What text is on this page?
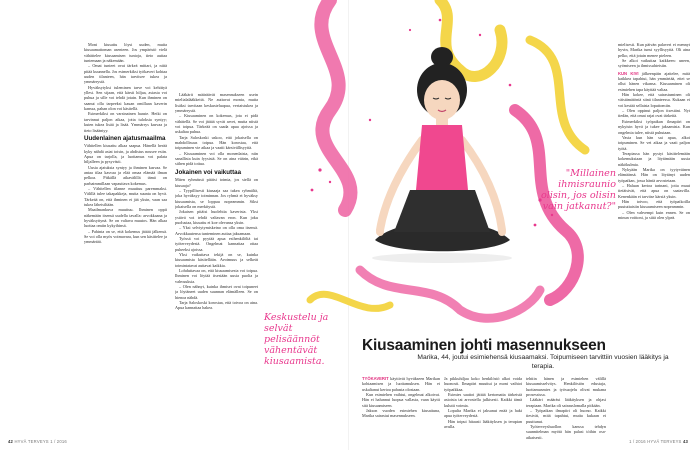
Moni kiusattu löysi uuden, muita kiusaamattoman asenteen. Jos ympäristö vielä vähättelee kiusaamisen tuntoja, tieto auttaa tuntemaan ja näkemään.

– Omat tunteet ovat tärkeä mittari, ja niitä pitää kuunnella. Jos esimerkiksi työkaveri kohtaa uuden tilanteen, hän tarvitsee tukea ja ymmärrystä.

Hyväksytyksi tuleminen tarve voi kehittyä yllesi. Sen sijaan, että kärsii hiljaa, asiasta voi puhua ja sille voi tehdä jotain. Kun ihminen on saanut olla tarpeeksi kauan omillaan kaverin kanssa, pahan olon voi käsitellä.

Esimerkiksi on varsinainen haaste. Hetki on tarvinnut paljon aikaa, jotta tuloksia syntyy; kuten tukea lisää ja lisää. Ymmärrys kasvaa ja tieto lisääntyy.

Uudenlainen ajatusmaailma

Vähitellen kiusattu alkaa saapua. Hänellä herää kyky nähdä asiat toisin, ja ahdistus nousee esiin. Apua on tarjolla, ja luottamus voi palata hiljalleen ja pysyvästi.

Uusia ajatuksia syntyy ja ihminen kasvaa. Se antaa tilaa kasvaa ja elää omaa elämää ilman pelkoa. Pitkällä aikavälillä tämä on parhaimmillaan vapauttava kokemus.

– Vähitellen tilanne muuttuu paremmaksi. Välillä tulee takapakkeja, mutta suunta on hyvä. Tärkeää on, että ihminen ei jää yksin, vaan saa tukea läheisiltään.

Maailmankuva muuttuu. Ihminen oppii näkemään itsensä uudella tavalla: arvokkaana ja hyväksyttynä. Se on valtava muutos. Hän alkaa luottaa omiin kykyihinsä.

– Pahinta on se, että kokemus jättää jälkensä. Se voi olla myös voimavara, kun sen käsittelee ja ymmärtää.

Lääkärit määräävät masennukseen usein mielialalääkkeitä. Ne auttavat monia, mutta lisäksi tarvitaan keskusteluapua, vertaistukea ja ymmärrystä.

– Kiusaaminen on kokemus, jota ei pidä vähätellä. Se voi jättää syvät arvet, mutta niistä voi toipua. Tärkeää on saada apua ajoissa ja uskaltaa puhua.

Tarja Saloskoski uskoo, että jokaisella on mahdollisuus toipua. Hän korostaa, että toipuminen vie aikaa ja vaatii kärsivällisyyttä.

– Kiusaaminen voi olla monenlaista, niin sanallista kuin fyysistä. Se on aina väärin, eikä siihen pidä tottua.

Jokainen voi vaikuttaa

Miten ryhmässä pitäisi toimia, jos siellä on kiusaaja?

– Tyypillisesti kiusaaja saa tukea ryhmältä, joka hyväksyy toiminnan. Jos ryhmä ei hyväksy kiusaamista, se loppuu nopeammin. Siksi jokaisella on merkitystä.

Jokaisen pitäisi huolehtia kaverista. Yksi ystävä voi tehdä valtavan eron. Kun joku puolustaa, kiusattu ei koe olevansa yksin.

– Yksi selviytymiskeino on olla oma itsensä. Arvokkuutensa tunteminen auttaa jaksamaan.

Työssä voi pyytää apua esihenkilöltä tai työterveydestä. Ongelmat kannattaa ottaa puheeksi ajoissa.

Yksi vaikuttava tekijä on se, kuinka kiusaamista käsitellään. Avoimuus ja selkeät toimintatavat auttavat kaikkia.

Lohduttavaa on, että kiusaamisesta voi toipua. Ihminen voi löytää itsestään uusia puolia ja vahvuuksia.

– Olen nähnyt, kuinka ihmiset ovat toipuneet ja löytäneet uuden suunnan elämälleen. Se on hienoa nähdä.

Tarja Saloskoski korostaa, että toivoa on aina. Apua kannattaa hakea.

Keskustelu ja selvät pelisäännöt vähentävät kiusaamista.
"Millainen ihmisraunio olisin, jos olisin vain jatkanut?"
Kiusaaminen johti masennukseen
Marika, 44, joutui esimiehensä kiusaamaksi. Toipumiseen tarvittiin vuosien lääkitys ja terapia.

TYÖKAVERIT käyttivät hyväkseen Marikan kohtaamisen ja luottamuksen. Hän ei uskaltanut kertoa pahasta olostaan.

Kun esimiehen vaihtui, ongelmat alkoivat. Hän ei halunnut luopua vallasta, vaan käytti sitä kiusaamiseen.

Jakson vuoden esimiehen kiusattuna, Marika sairastui masennukseen.

Ja pikkuhiljaa koko henkilöstö alkoi voida huonosti. Ilmapiiri muuttui ja moni vaihtoi työpaikkaa.

Esimies saattoi jättää kertomatta tärkeistä asioista tai arvostella julkisesti. Kaikki tämä kulutti voimia.

Lopulta Marika ei jaksanut enää ja haki apua työterveydestä.

Hän toipui hitaasti lääkityksen ja terapian avulla.

tehtiin hänen ja esimiehen välillä kiusaamisselvitys. Henkilöstön edustaja, luottamusmies ja työsuojelu olivat mukana prosessissa.

Lääkäri määräsi lääkityksen ja ohjasi terapiaan. Marika oli sairauslomalla pitkään.

– Työpaikan ilmapiiri oli huono. Kaikki tiesivät, mitä tapahtui, mutta kukaan ei puuttunut.

Työterveyshuollon kanssa tehdyn suunnitelman myötä hän palasi töihin osa-aikaisesti.

mielisesti. Kun päivän palaveri ei mennyt hyvin, Marika tunsi syyllisyyttä. Oli aina pelko, että jotain menee pieleen.

Se alkoi vaikuttaa kaikkeen: uneen, syömiseen ja ihmissuhteisiin.

KUN KIVI jälkeenpäin ajattelee, mitä kaikkea tapahtui, hän ymmärtää, ettei se ollut hänen vikansa. Kiusaaminen oli esimiehen tapa käyttää valtaa.

Hän kokee, että sairastuminen oli väistämätöntä siinä tilanteessa. Kukaan ei voi kestää sellaista loputtomiin.

– Olen oppinut paljon itsestäni. Nyt tiedän, että omat rajat ovat tärkeitä.

Esimerkiksi työpaikan ilmapiiri on nykyisin hyvä ja tukee jaksamista. Kun ongelmia tulee, niistä puhutaan.

Vasta kun hän sai apua, alkoi toipuminen. Se vei aikaa ja vaati paljon työtä.

Terapiassa hän pystyi käsittelemään kokemuksiaan ja löytämään uusia näkökulmia.

Nykyään Marika on tyytyväinen elämäänsä. Hän on löytänyt uuden työpaikan, jossa häntä arvostetaan.

– Haluan kertoa tarinani, jotta muut tietäisivät, että apua on saatavilla. Kenenkään ei tarvitse kärsiä yksin.

Hän toivoo, että työpaikoilla puututtaisiin kiusaamiseen nopeammin.

– Olen vahvempi kuin ennen. Se on minun voittoni, ja siitä olen ylpeä.

42 HYVÄ TERVEYS 1 / 2016	1 / 2016 HYVÄ TERVEYS 43
